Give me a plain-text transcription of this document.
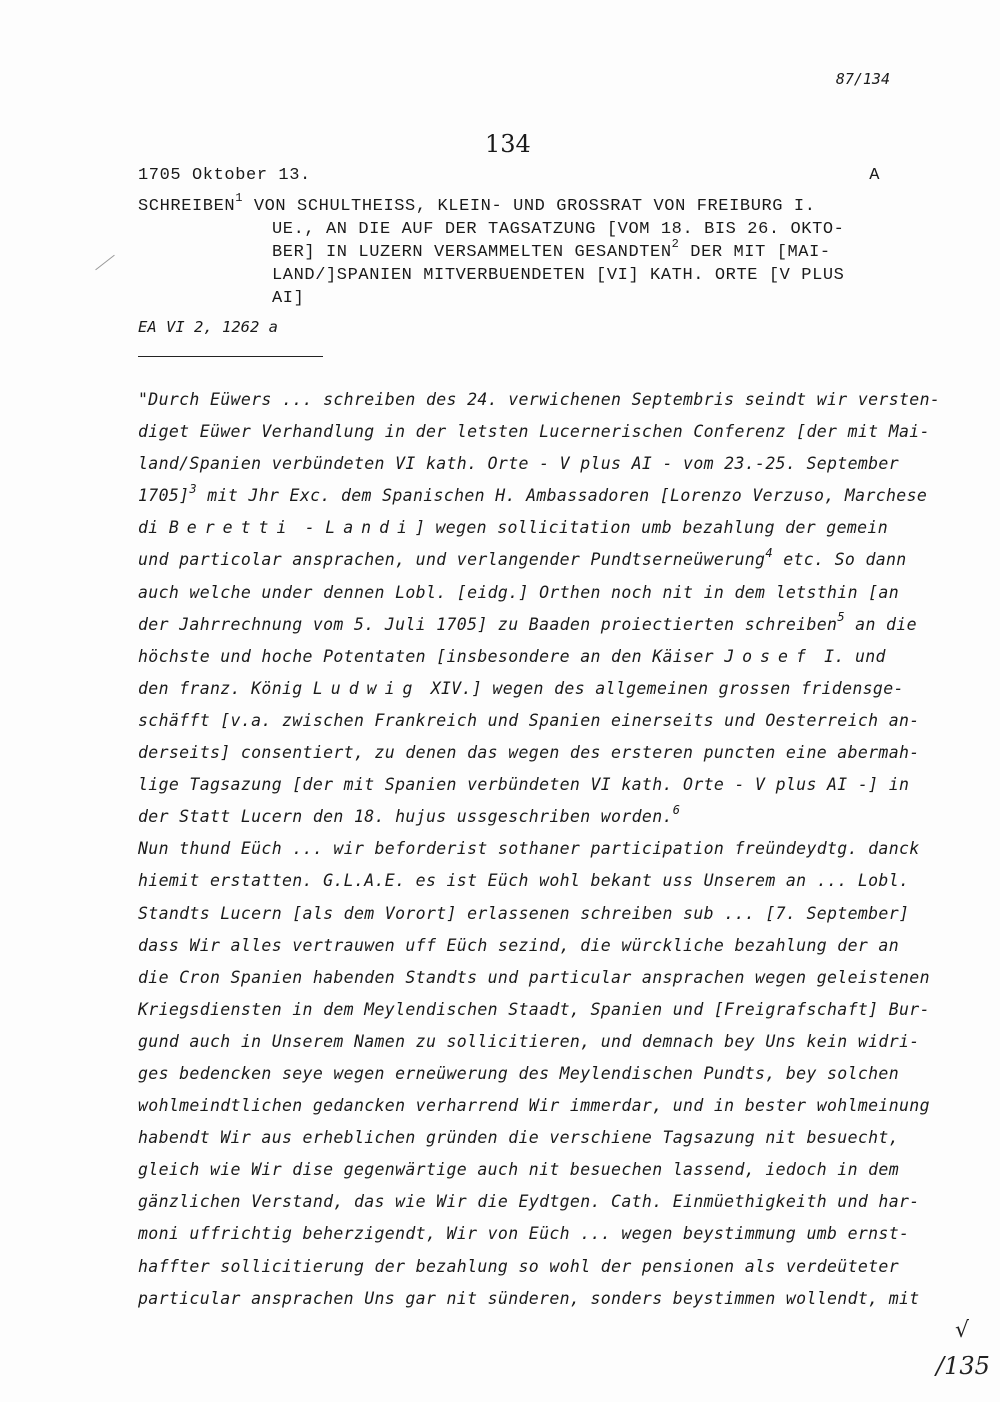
87/134
134
1705 Oktober 13.	A
SCHREIBEN$^1$ VON SCHULTHEISS, KLEIN- UND GROSSRAT VON FREIBURG I.
UE., AN DIE AUF DER TAGSATZUNG [VOM 18. BIS 26. OKTO-
BER] IN LUZERN VERSAMMELTEN GESANDTEN$^2$ DER MIT [MAI-
LAND/]SPANIEN MITVERBUENDETEN [VI] KATH. ORTE [V PLUS
AI]
EA VI 2, 1262 a
"Durch Eüwers ... schreiben des 24. verwichenen Septembris seindt wir versten-
diget Eüwer Verhandlung in der letsten Lucernerischen Conferenz [der mit Mai-
land/Spanien verbündeten VI kath. Orte - V plus AI - vom 23.-25. September
1705]$^3$ mit Jhr Exc. dem Spanischen H. Ambassadoren [Lorenzo Verzuso, Marchese
di Beretti - Landi] wegen sollicitation umb bezahlung der gemein
und particolar ansprachen, und verlangender Pundtserneüwerung$^4$ etc. So dann
auch welche under dennen Lobl. [eidg.] Orthen noch nit in dem letsthin [an
der Jahrrechnung vom 5. Juli 1705] zu Baaden proiectierten schreiben$^5$ an die
höchste und hoche Potentaten [insbesondere an den Käiser Josef I. und
den franz. König Ludwig XIV.] wegen des allgemeinen grossen fridensge-
schäfft [v.a. zwischen Frankreich und Spanien einerseits und Oesterreich an-
derseits] consentiert, zu denen das wegen des ersteren puncten eine abermah-
lige Tagsazung [der mit Spanien verbündeten VI kath. Orte - V plus AI -] in
der Statt Lucern den 18. hujus ussgeschriben worden.$^6$
Nun thund Eüch ... wir beforderist sothaner participation freündeydtg. danck
hiemit erstatten. G.L.A.E. es ist Eüch wohl bekant uss Unserem an ... Lobl.
Standts Lucern [als dem Vorort] erlassenen schreiben sub ... [7. September]
dass Wir alles vertrauwen uff Eüch sezind, die würckliche bezahlung der an
die Cron Spanien habenden Standts und particular ansprachen wegen geleistenen
Kriegsdiensten in dem Meylendischen Staadt, Spanien und [Freigrafschaft] Bur-
gund auch in Unserem Namen zu sollicitieren, und demnach bey Uns kein widri-
ges bedencken seye wegen erneüwerung des Meylendischen Pundts, bey solchen
wohlmeindtlichen gedancken verharrend Wir immerdar, und in bester wohlmeinung
habendt Wir aus erheblichen gründen die verschiene Tagsazung nit besuecht,
gleich wie Wir dise gegenwärtige auch nit besuechen lassend, iedoch in dem
gänzlichen Verstand, das wie Wir die Eydtgen. Cath. Einmüethigkeith und har-
moni uffrichtig beherzigendt, Wir von Eüch ... wegen beystimmung umb ernst-
haffter sollicitierung der bezahlung so wohl der pensionen als verdeüteter
particular ansprachen Uns gar nit sünderen, sonders beystimmen wollendt, mit
√
/135
